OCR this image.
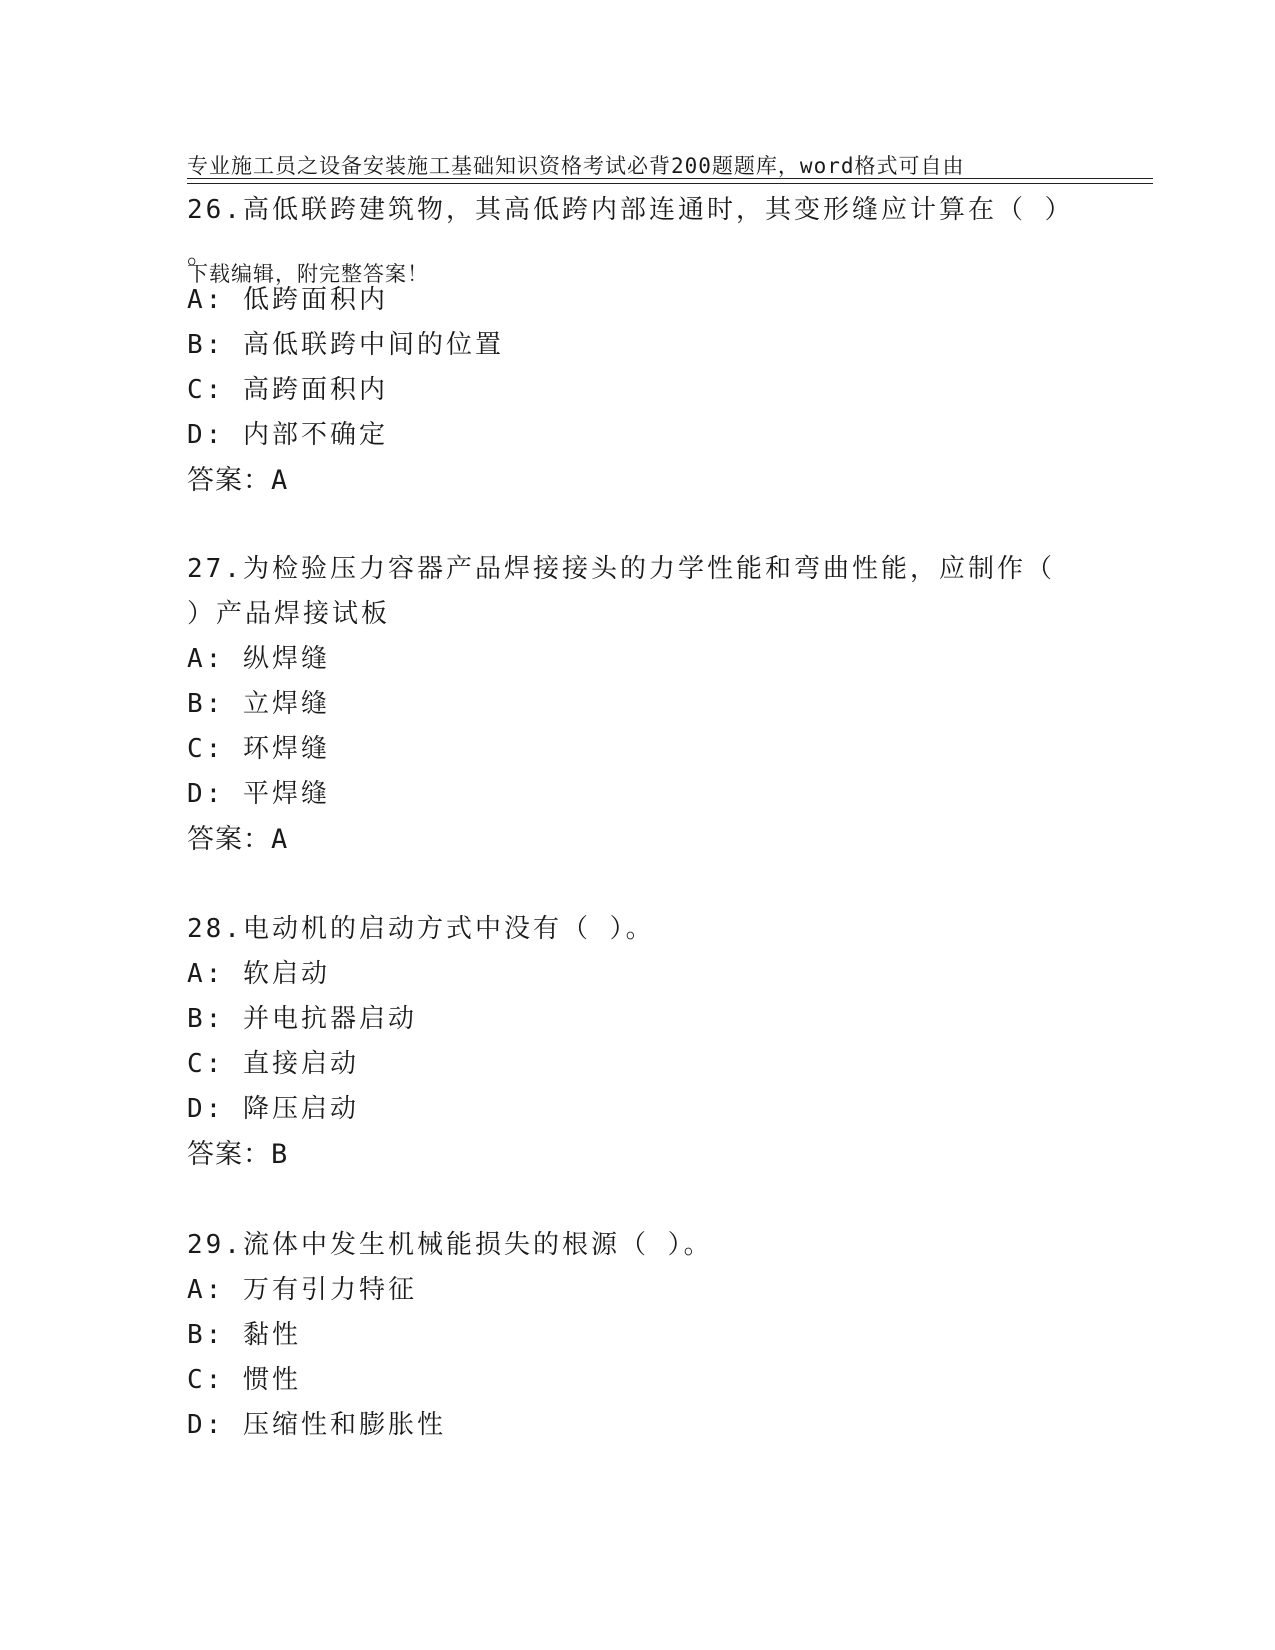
专业施工员之设备安装施工基础知识资格考试必背200题题库，word格式可自由

下载编辑，附完整答案！

26.高低联跨建筑物，其高低跨内部连通时，其变形缝应计算在（ ）

。

A: 低跨面积内

B: 高低联跨中间的位置

C: 高跨面积内

D: 内部不确定

答案：A

27.为检验压力容器产品焊接接头的力学性能和弯曲性能，应制作（

）产品焊接试板

A: 纵焊缝

B: 立焊缝

C: 环焊缝

D: 平焊缝

答案：A

28.电动机的启动方式中没有（ ）。

A: 软启动

B: 并电抗器启动

C: 直接启动

D: 降压启动

答案：B

29.流体中发生机械能损失的根源（ ）。

A: 万有引力特征

B: 黏性

C: 惯性

D: 压缩性和膨胀性
